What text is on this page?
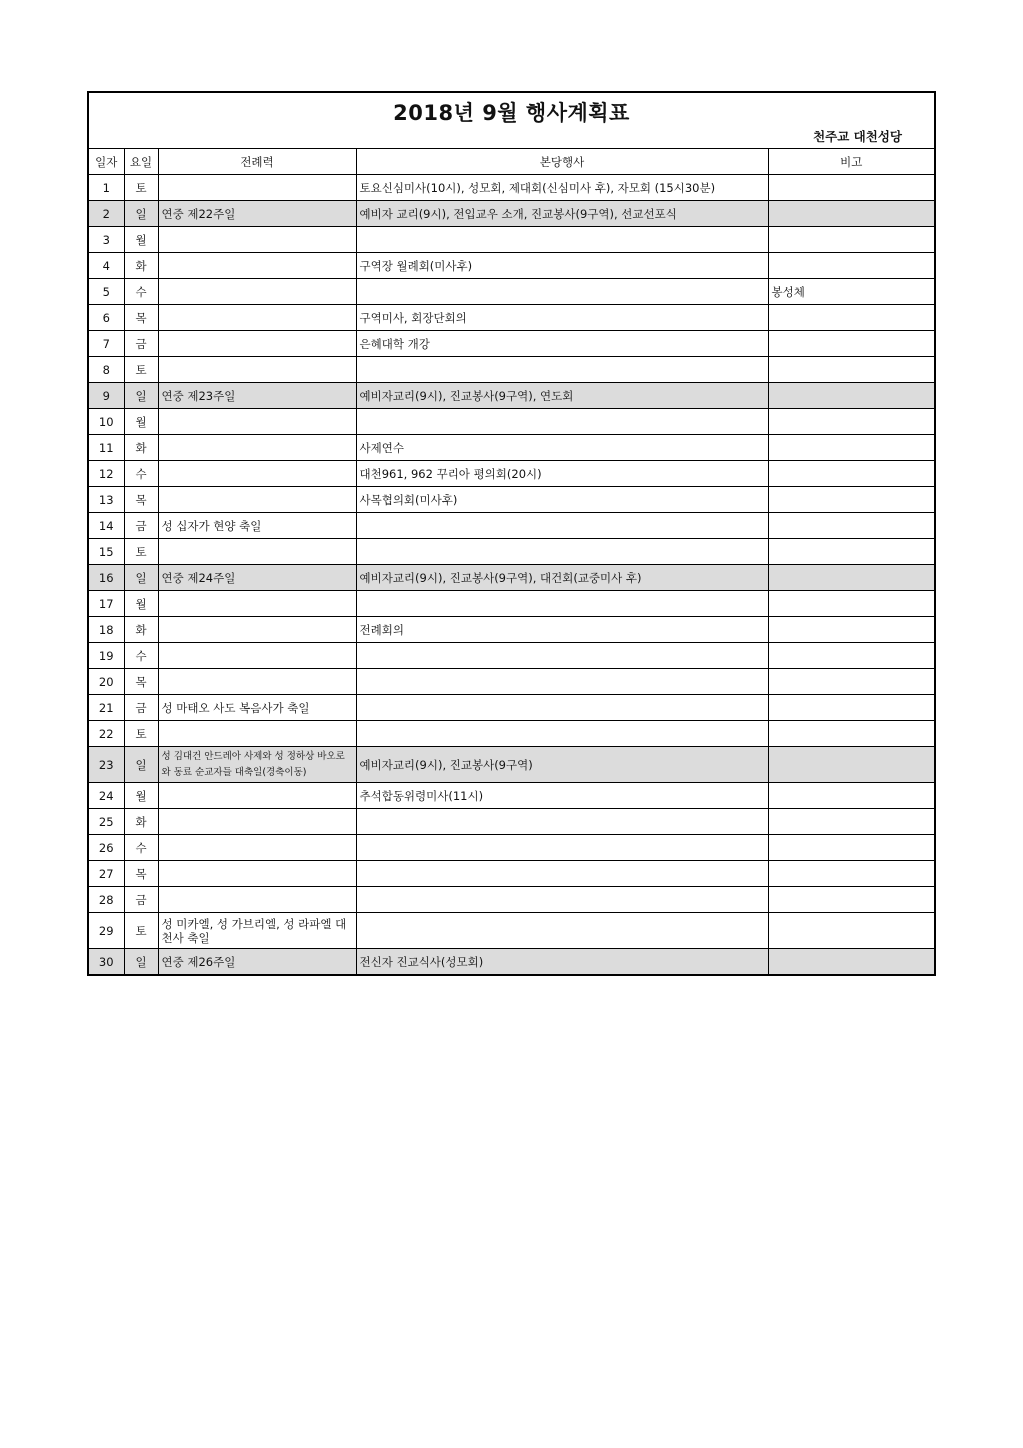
2018년 9월 행사계획표
천주교 대천성당
일자	요일	전례력	본당행사	비고
1	토		토요신심미사(10시), 성모회, 제대회(신심미사 후), 자모회 (15시30분)	
2	일	연중 제22주일	예비자 교리(9시), 전입교우 소개, 진교봉사(9구역), 선교선포식	
3	월			
4	화		구역장 월례회(미사후)	
5	수			봉성체
6	목		구역미사, 회장단회의	
7	금		은혜대학 개강	
8	토			
9	일	연중 제23주일	예비자교리(9시), 진교봉사(9구역), 연도회	
10	월			
11	화		사제연수	
12	수		대천961, 962 꾸리아 평의회(20시)	
13	목		사목협의회(미사후)	
14	금	성 십자가 현양 축일		
15	토			
16	일	연중 제24주일	예비자교리(9시), 진교봉사(9구역), 대건회(교중미사 후)	
17	월			
18	화		전례회의	
19	수			
20	목			
21	금	성 마태오 사도 복음사가 축일		
22	토			
23	일	성 김대건 안드레아 사제와 성 정하상 바오로와 동료 순교자들 대축일(경축이동)	예비자교리(9시), 진교봉사(9구역)	
24	월		추석합동위령미사(11시)	
25	화			
26	수			
27	목			
28	금			
29	토	성 미카엘, 성 가브리엘, 성 라파엘 대천사 축일		
30	일	연중 제26주일	전신자 진교식사(성모회)	
